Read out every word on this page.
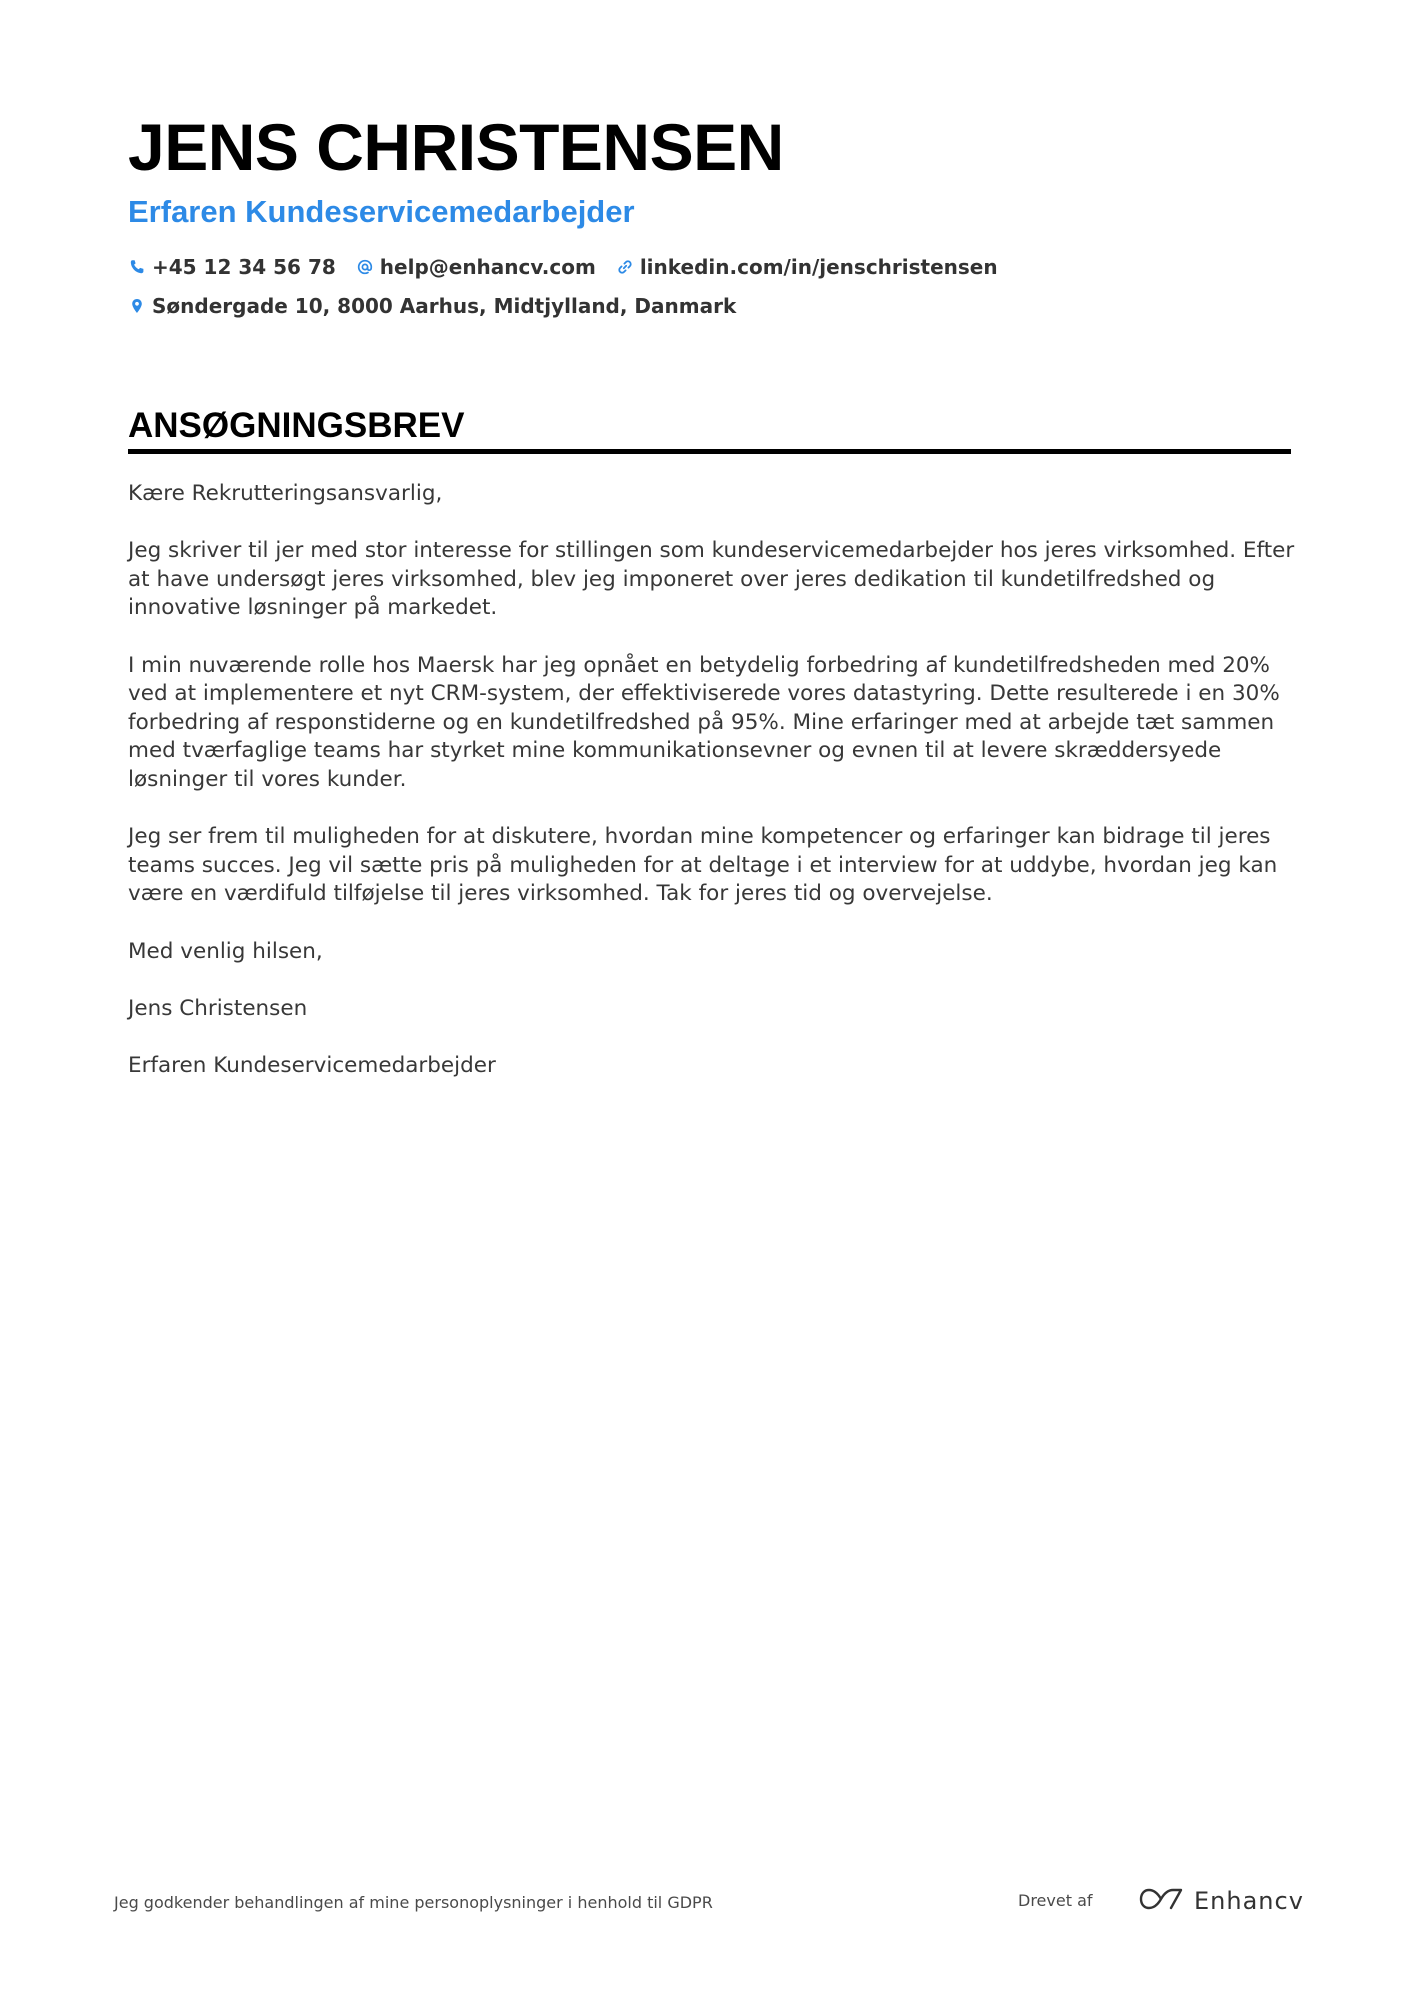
JENS CHRISTENSEN
Erfaren Kundeservicemedarbejder
+45 12 34 56 78 help@enhancv.com linkedin.com/in/jenschristensen
Søndergade 10, 8000 Aarhus, Midtjylland, Danmark
ANSØGNINGSBREV

Kære Rekrutteringsansvarlig,

Jeg skriver til jer med stor interesse for stillingen som kundeservicemedarbejder hos jeres virksomhed. Efter at have undersøgt jeres virksomhed, blev jeg imponeret over jeres dedikation til kundetilfredshed og innovative løsninger på markedet.

I min nuværende rolle hos Maersk har jeg opnået en betydelig forbedring af kundetilfredsheden med 20% ved at implementere et nyt CRM-system, der effektiviserede vores datastyring. Dette resulterede i en 30% forbedring af responstiderne og en kundetilfredshed på 95%. Mine erfaringer med at arbejde tæt sammen med tværfaglige teams har styrket mine kommunikationsevner og evnen til at levere skræddersyede løsninger til vores kunder.

Jeg ser frem til muligheden for at diskutere, hvordan mine kompetencer og erfaringer kan bidrage til jeres teams succes. Jeg vil sætte pris på muligheden for at deltage i et interview for at uddybe, hvordan jeg kan være en værdifuld tilføjelse til jeres virksomhed. Tak for jeres tid og overvejelse.

Med venlig hilsen,

Jens Christensen

Erfaren Kundeservicemedarbejder

Jeg godkender behandlingen af mine personoplysninger i henhold til GDPR	Drevet af	Enhancv
